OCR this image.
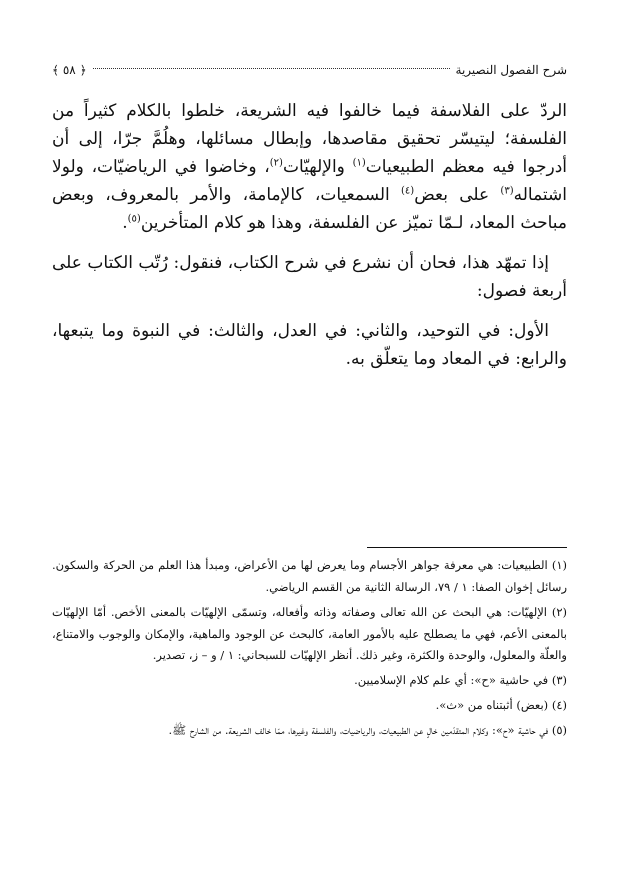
شرح الفصول النصيرية
﴿ ٥٨ ﴾

الردّ على الفلاسفة فيما خالفوا فيه الشريعة، خلطوا بالكلام كثيراً من الفلسفة؛ ليتيسّر تحقيق مقاصدها، وإبطال مسائلها، وهلُمَّ جرّا، إلى أن أدرجوا فيه معظم الطبيعيات$^{(١)}$ والإلهيّات$^{(٢)}$، وخاضوا في الرياضيّات، ولولا اشتماله$^{(٣)}$ على بعض$^{(٤)}$ السمعيات، كالإمامة، والأمر بالمعروف، وبعض مباحث المعاد، لـمّا تميّز عن الفلسفة، وهذا هو كلام المتأخرين$^{(٥)}$.

إذا تمهّد هذا، فحان أن نشرع في شرح الكتاب، فنقول: رُتّب الكتاب على أربعة فصول:

الأول: في التوحيد، والثاني: في العدل، والثالث: في النبوة وما يتبعها، والرابع: في المعاد وما يتعلّق به.

(١) الطبيعيات: هي معرفة جواهر الأجسام وما يعرض لها من الأعراض، ومبدأ هذا العلم من الحركة والسكون. رسائل إخوان الصفا: ١ / ٧٩، الرسالة الثانية من القسم الرياضي.
(٢) الإلهيّات: هي البحث عن الله تعالى وصفاته وذاته وأفعاله، وتسمّى الإلهيّات بالمعنى الأخص. أمّا الإلهيّات بالمعنى الأعم، فهي ما يصطلح عليه بالأمور العامة، كالبحث عن الوجود والماهية، والإمكان والوجوب والامتناع، والعلّة والمعلول، والوحدة والكثرة، وغير ذلك. أنظر الإلهيّات للسبحاني: ١ / و – ز، تصدير.
(٣) في حاشية «ح»: أي علم كلام الإسلاميين.
(٤) (بعض) أثبتناه من «ث».
(٥) في حاشية «ح»: وكلام المتقدّمين خالٍ عن الطبيعيات، والرياضيات، والفلسفة وغيرها، ممّا خالف الشريعة. من الشارح ﷺ.
